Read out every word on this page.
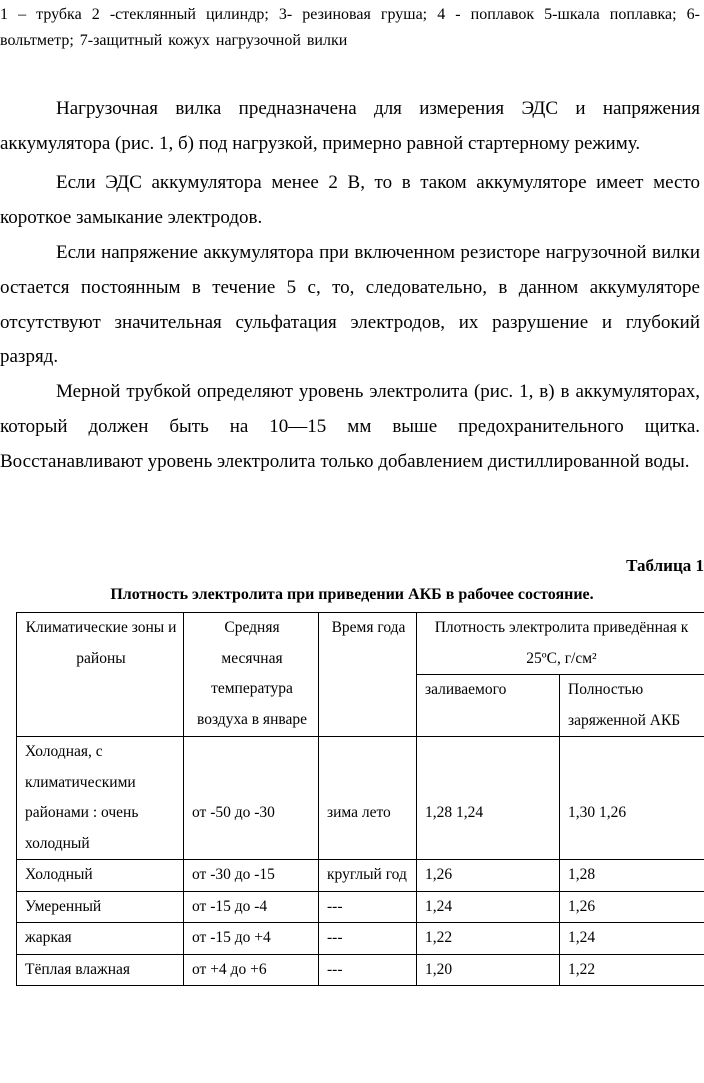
1 – трубка 2 -стеклянный цилиндр; 3- резиновая груша; 4 - поплавок 5-шкала поплавка; 6- вольтметр; 7-защитный кожух нагрузочной вилки

Нагрузочная вилка предназначена для измерения ЭДС и напряжения аккумулятора (рис. 1, б) под нагрузкой, примерно равной стартерному режиму.

Если ЭДС аккумулятора менее 2 В, то в таком аккумуляторе имеет место короткое замыкание электродов.

Если напряжение аккумулятора при включенном резисторе нагрузочной вилки остается постоянным в течение 5 с, то, следовательно, в данном аккумуляторе отсутствуют значительная сульфатация электродов, их разрушение и глубокий разряд.

Мерной трубкой определяют уровень электролита (рис. 1, в) в аккумуляторах, который должен быть на 10—15 мм выше предохранительного щитка. Восстанавливают уровень электролита только добавлением дистиллированной воды.

Таблица 1
Плотность электролита при приведении АКБ в рабочее состояние.
Климатические зоны и районы	Средняя месячная температура воздуха в январе	Время года	Плотность электролита приведённая к 25ºС, г/см²	
			заливаемого	Полностью заряженной АКБ
Холодная, с климатическими районами : очень холодный	от -50 до -30	зима лето	1,28 1,24	1,30 1,26
Холодный	от -30 до -15	круглый год	1,26	1,28
Умеренный	от -15 до -4	---	1,24	1,26
жаркая	от -15 до +4	---	1,22	1,24
Тёплая влажная	от +4 до +6	---	1,20	1,22
